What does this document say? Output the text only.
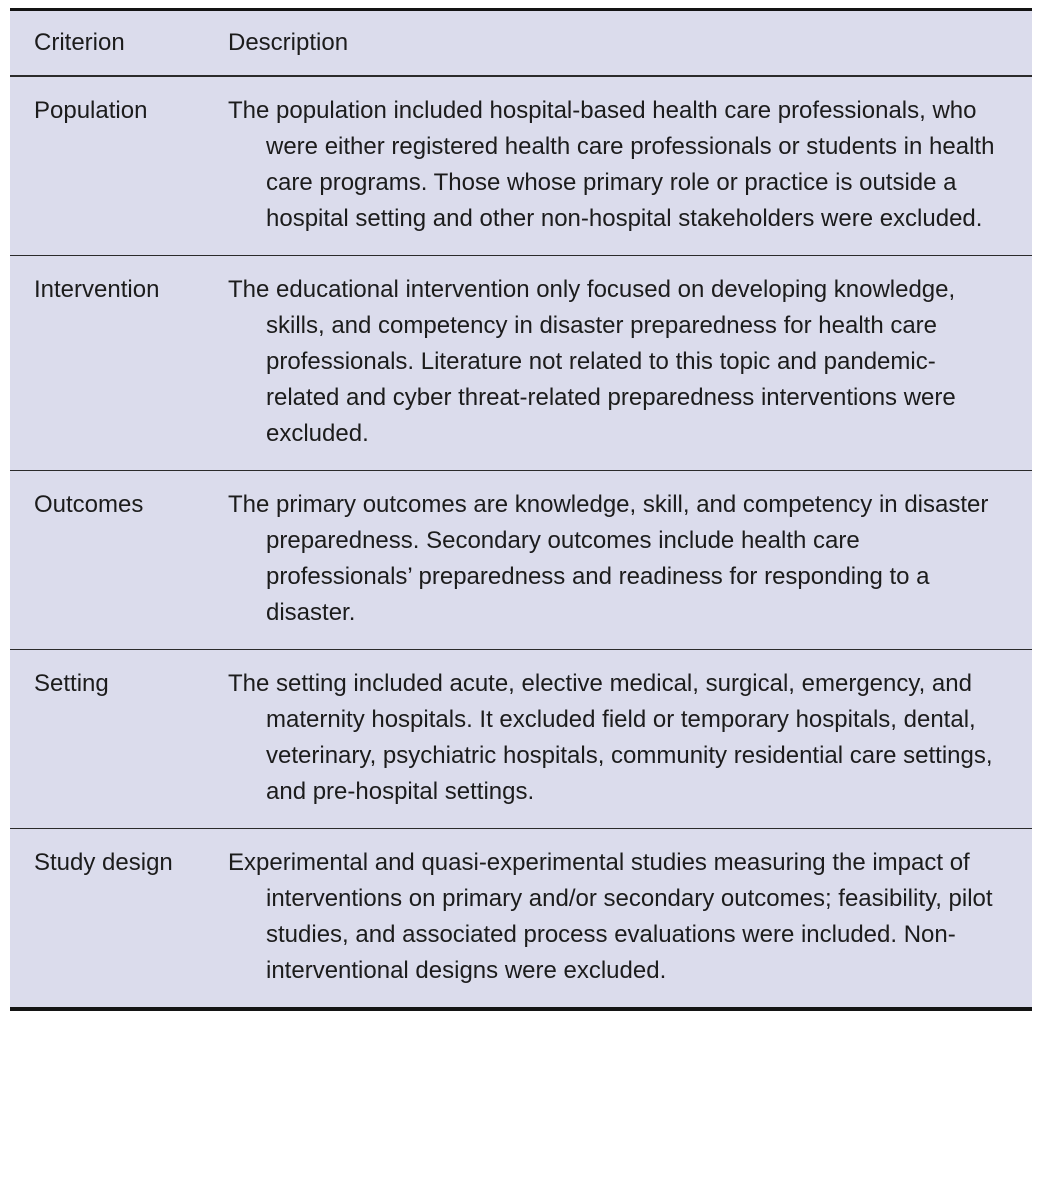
Criterion	Description
Population	The population included hospital-based health care professionals, who were either registered health care professionals or students in health care programs. Those whose primary role or practice is outside a hospital setting and other non-hospital stakeholders were excluded.
Intervention	The educational intervention only focused on developing knowledge, skills, and competency in disaster preparedness for health care professionals. Literature not related to this topic and pandemic-related and cyber threat-related preparedness interventions were excluded.
Outcomes	The primary outcomes are knowledge, skill, and competency in disaster preparedness. Secondary outcomes include health care professionals’ preparedness and readiness for responding to a disaster.
Setting	The setting included acute, elective medical, surgical, emergency, and maternity hospitals. It excluded field or temporary hospitals, dental, veterinary, psychiatric hospitals, community residential care settings, and pre-hospital settings.
Study design	Experimental and quasi-experimental studies measuring the impact of interventions on primary and/or secondary outcomes; feasibility, pilot studies, and associated process evaluations were included. Non-interventional designs were excluded.
